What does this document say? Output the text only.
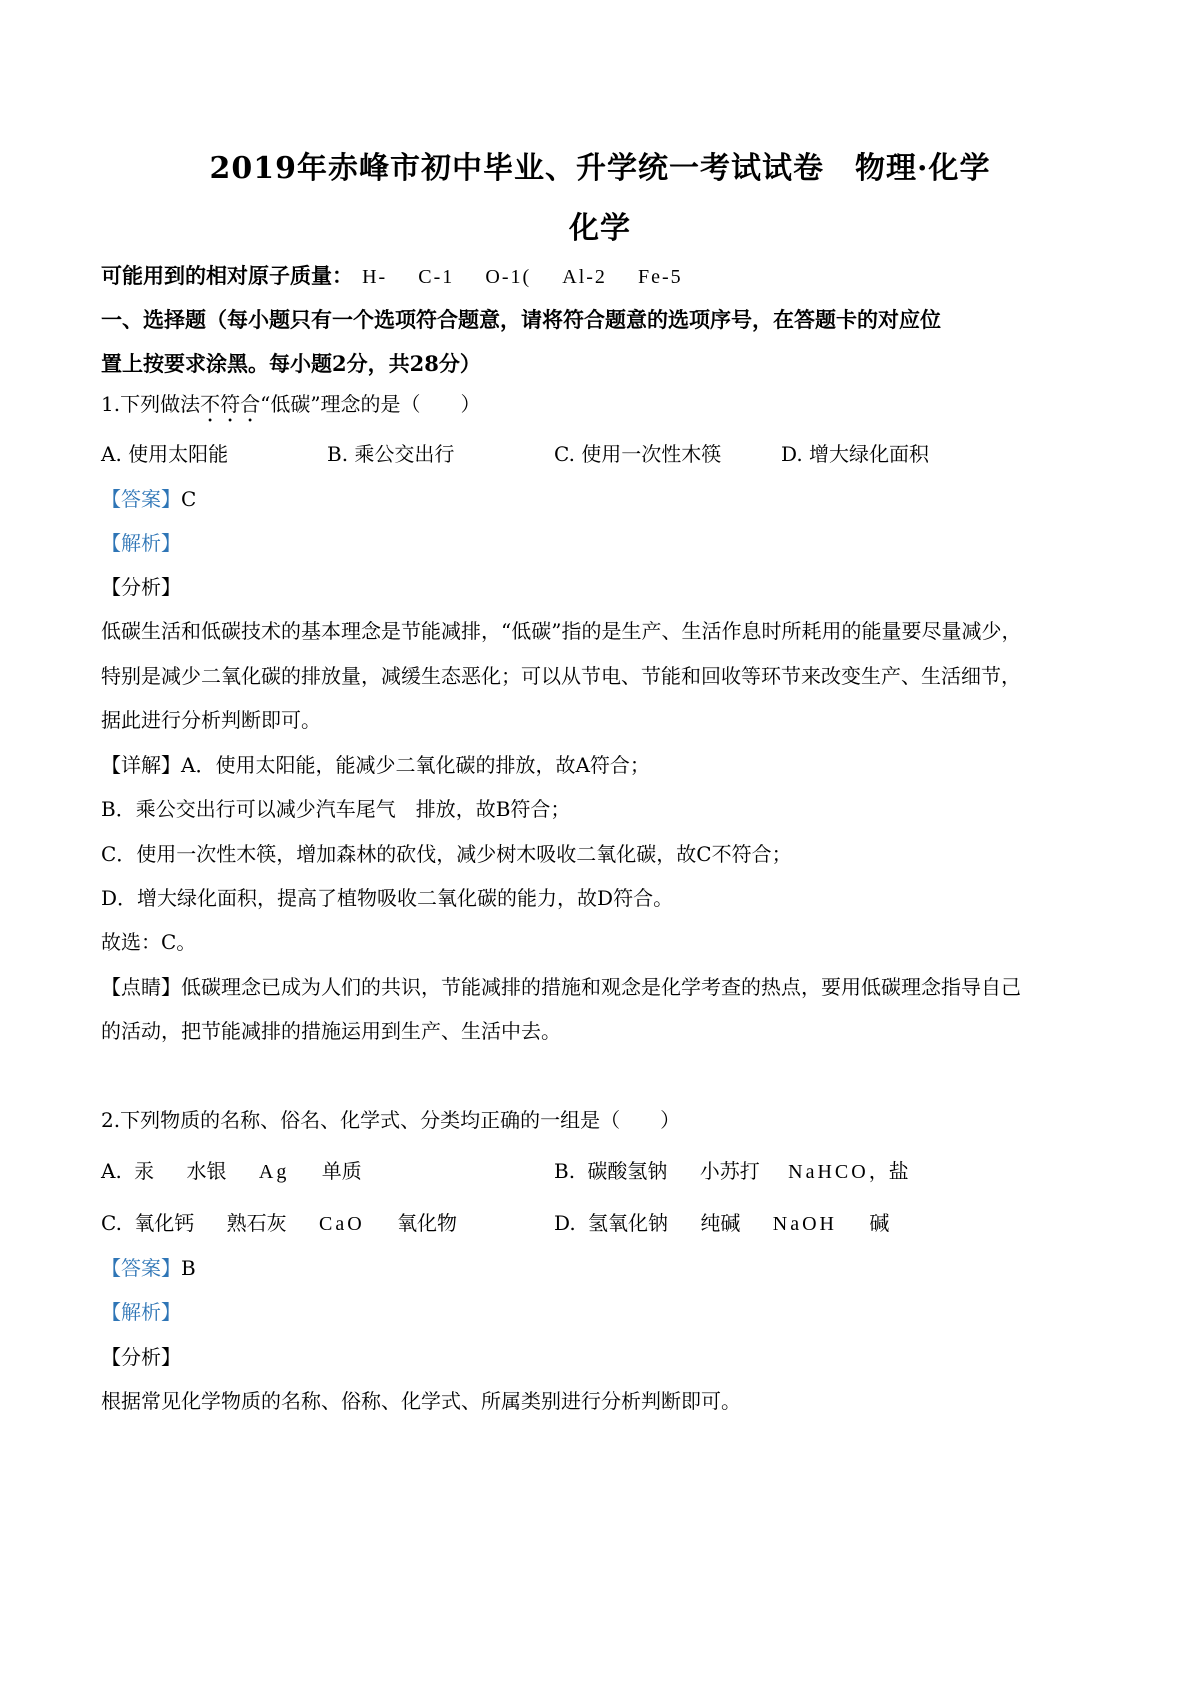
2019年赤峰市初中毕业、升学统一考试试卷　物理·化学
化学
可能用到的相对原子质量： H- C-1 O-1( Al-2 Fe-5
一、选择题（每小题只有一个选项符合题意，请将符合题意的选项序号，在答题卡的对应位
置上按要求涂黑。每小题2分，共28分）
1.下列做法不符合“低碳”理念的是（　　）
A. 使用太阳能	B. 乘公交出行	C. 使用一次性木筷	D. 增大绿化面积
【答案】C
【解析】
【分析】
低碳生活和低碳技术的基本理念是节能减排，“低碳”指的是生产、生活作息时所耗用的能量要尽量减少，
特别是减少二氧化碳的排放量，减缓生态恶化；可以从节电、节能和回收等环节来改变生产、生活细节，
据此进行分析判断即可。
【详解】A．使用太阳能，能减少二氧化碳的排放，故A符合；
B．乘公交出行可以减少汽车尾气　排放，故B符合；
C．使用一次性木筷，增加森林的砍伐，减少树木吸收二氧化碳，故C不符合；
D．增大绿化面积，提高了植物吸收二氧化碳的能力，故D符合。
故选：C。
【点睛】低碳理念已成为人们的共识，节能减排的措施和观念是化学考查的热点，要用低碳理念指导自己
的活动，把节能减排的措施运用到生产、生活中去。
2.下列物质的名称、俗名、化学式、分类均正确的一组是（　　）
A. 汞 水银 Ag 单质	B. 碳酸氢钠 小苏打 NaHCO，盐
C. 氧化钙 熟石灰 CaO 氧化物	D. 氢氧化钠 纯碱 NaOH 碱
【答案】B
【解析】
【分析】
根据常见化学物质的名称、俗称、化学式、所属类别进行分析判断即可。
